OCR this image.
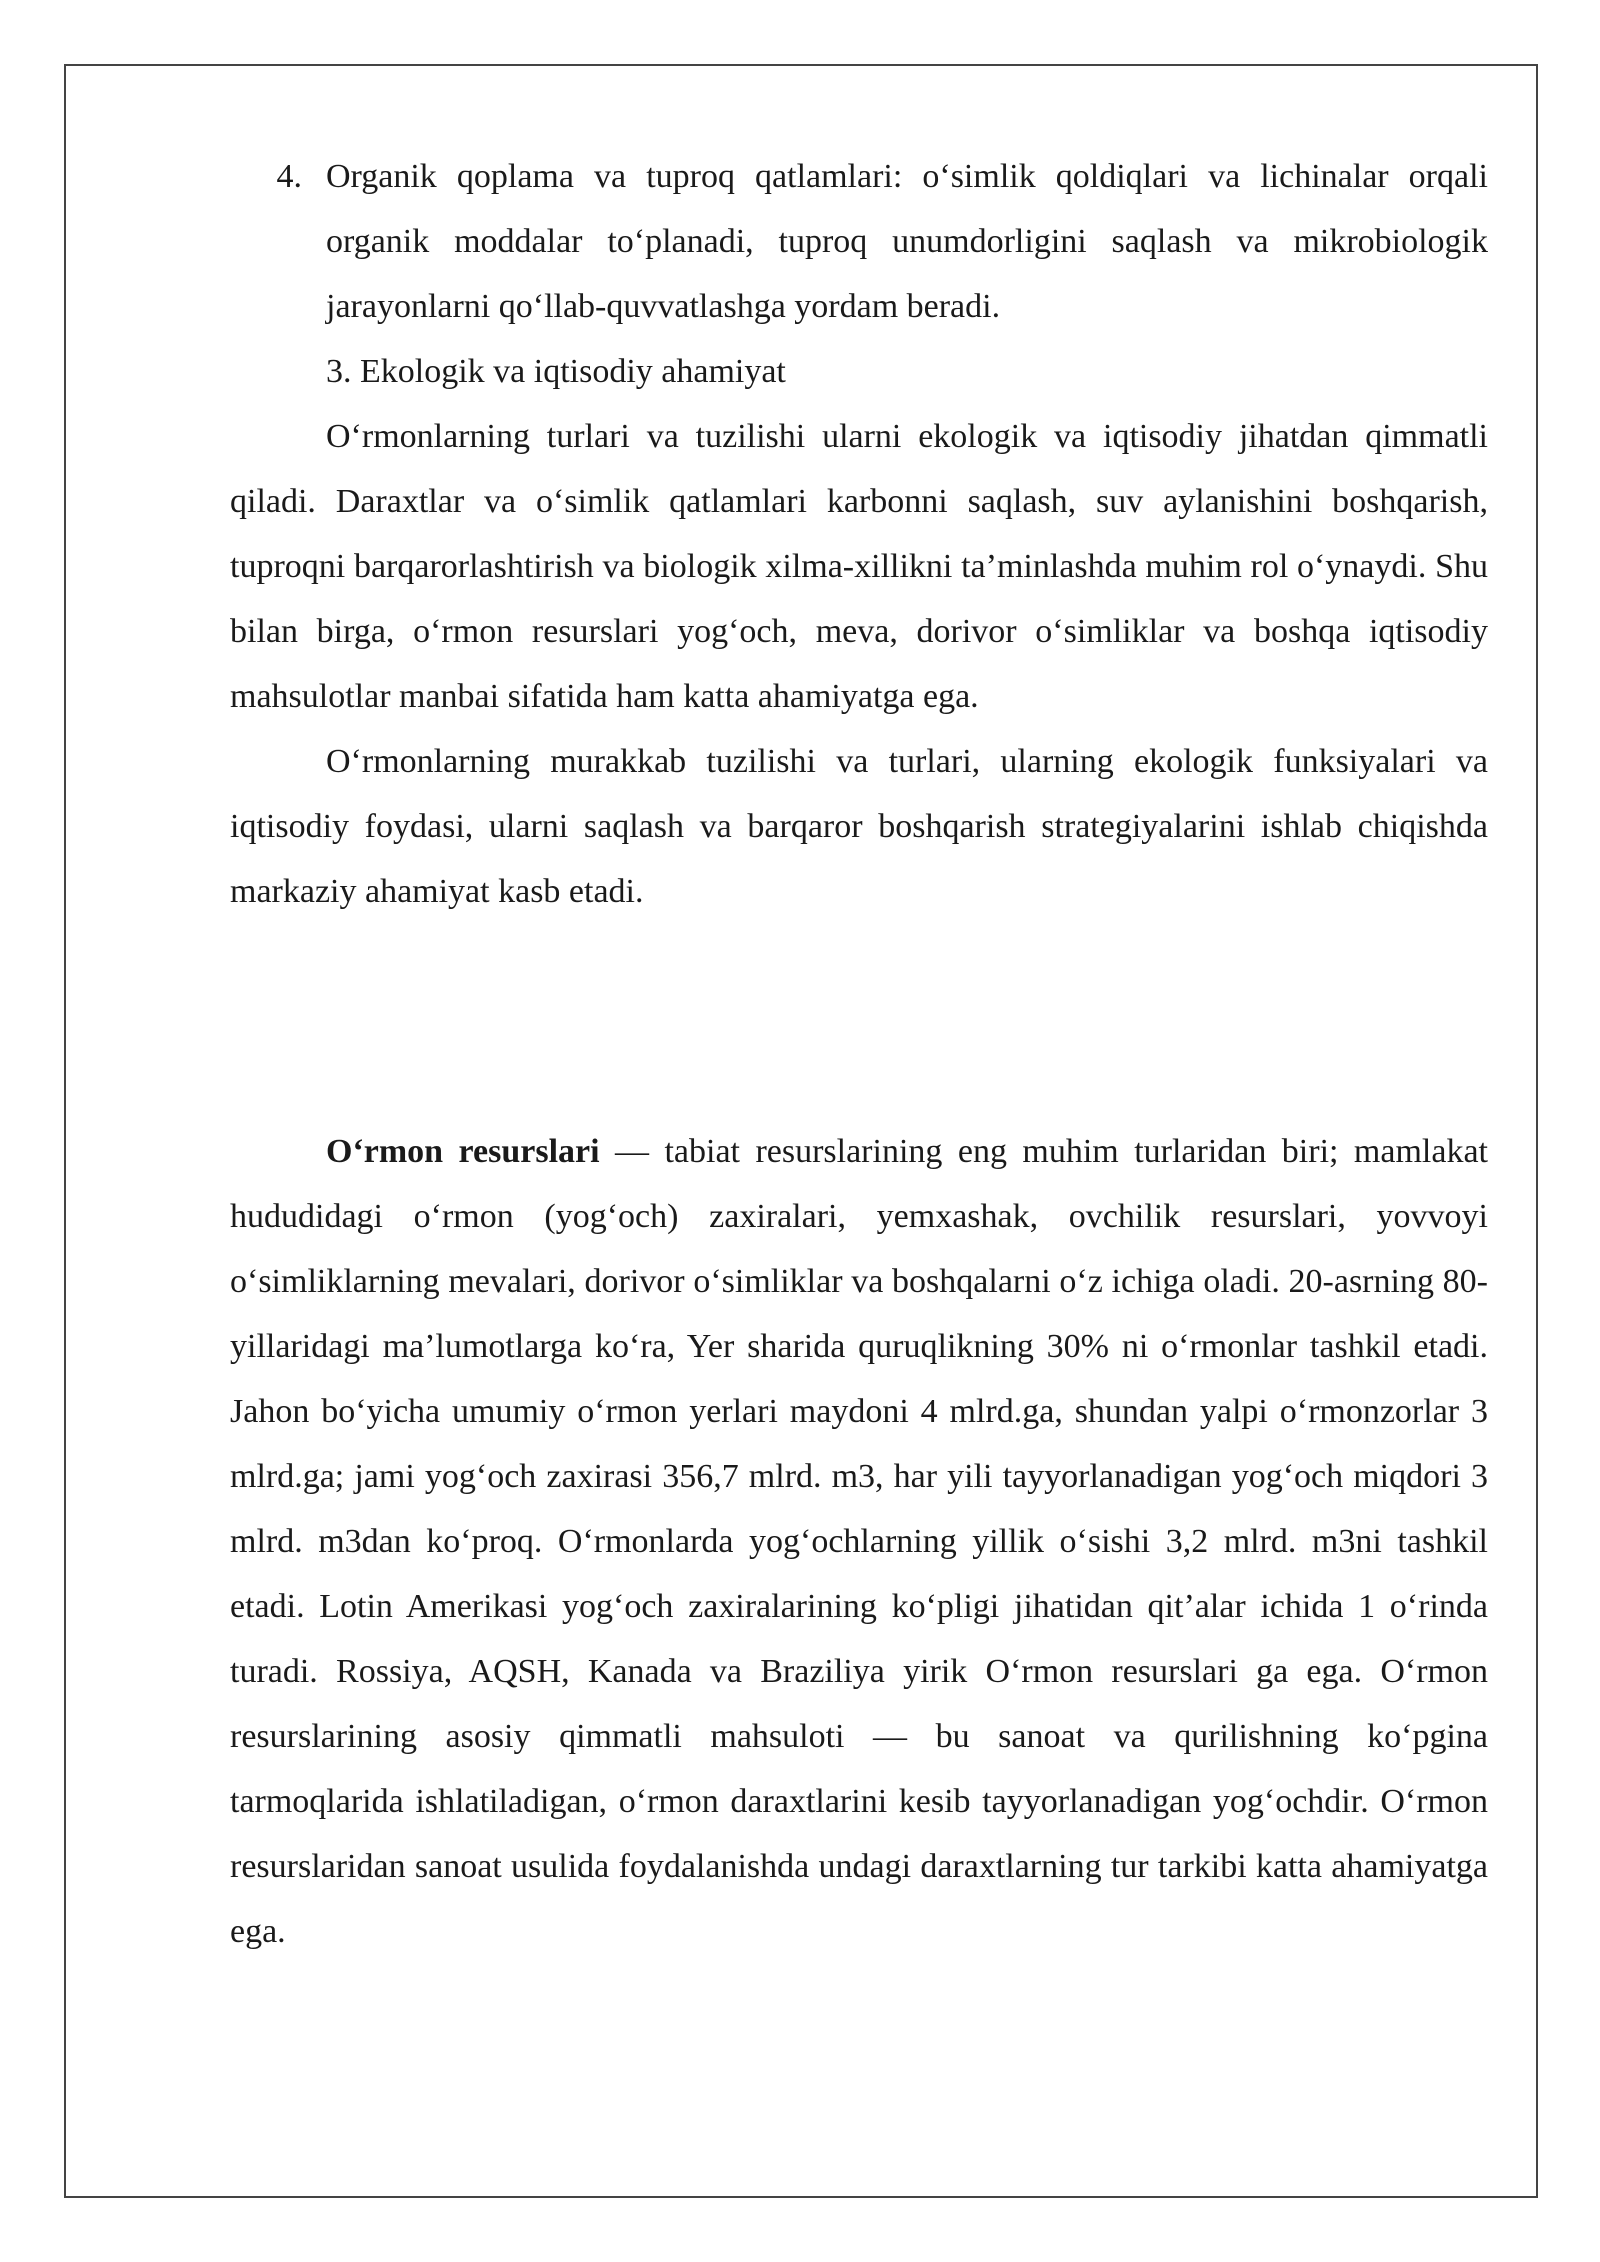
4. Organik qoplama va tuproq qatlamlari: o‘simlik qoldiqlari va lichinalar orqali organik moddalar to‘planadi, tuproq unumdorligini saqlash va mikrobiologik jarayonlarni qo‘llab-quvvatlashga yordam beradi.

3. Ekologik va iqtisodiy ahamiyat

O‘rmonlarning turlari va tuzilishi ularni ekologik va iqtisodiy jihatdan qimmatli qiladi. Daraxtlar va o‘simlik qatlamlari karbonni saqlash, suv aylanishini boshqarish, tuproqni barqarorlashtirish va biologik xilma-xillikni ta’minlashda muhim rol o‘ynaydi. Shu bilan birga, o‘rmon resurslari yog‘och, meva, dorivor o‘simliklar va boshqa iqtisodiy mahsulotlar manbai sifatida ham katta ahamiyatga ega.

O‘rmonlarning murakkab tuzilishi va turlari, ularning ekologik funksiyalari va iqtisodiy foydasi, ularni saqlash va barqaror boshqarish strategiyalarini ishlab chiqishda markaziy ahamiyat kasb etadi.

O‘rmon resurslari — tabiat resurslarining eng muhim turlaridan biri; mamlakat hududidagi o‘rmon (yog‘och) zaxiralari, yemxashak, ovchilik resurslari, yovvoyi o‘simliklarning mevalari, dorivor o‘simliklar va boshqalarni o‘z ichiga oladi. 20-asrning 80-yillaridagi ma’lumotlarga ko‘ra, Yer sharida quruqlikning 30% ni o‘rmonlar tashkil etadi. Jahon bo‘yicha umumiy o‘rmon yerlari maydoni 4 mlrd.ga, shundan yalpi o‘rmonzorlar 3 mlrd.ga; jami yog‘och zaxirasi 356,7 mlrd. m3, har yili tayyorlanadigan yog‘och miqdori 3 mlrd. m3dan ko‘proq. O‘rmonlarda yog‘ochlarning yillik o‘sishi 3,2 mlrd. m3ni tashkil etadi. Lotin Amerikasi yog‘och zaxiralarining ko‘pligi jihatidan qit’alar ichida 1 o‘rinda turadi. Rossiya, AQSH, Kanada va Braziliya yirik O‘rmon resurslari ga ega. O‘rmon resurslarining asosiy qimmatli mahsuloti — bu sanoat va qurilishning ko‘pgina tarmoqlarida ishlatiladigan, o‘rmon daraxtlarini kesib tayyorlanadigan yog‘ochdir. O‘rmon resurslaridan sanoat usulida foydalanishda undagi daraxtlarning tur tarkibi katta ahamiyatga ega.
